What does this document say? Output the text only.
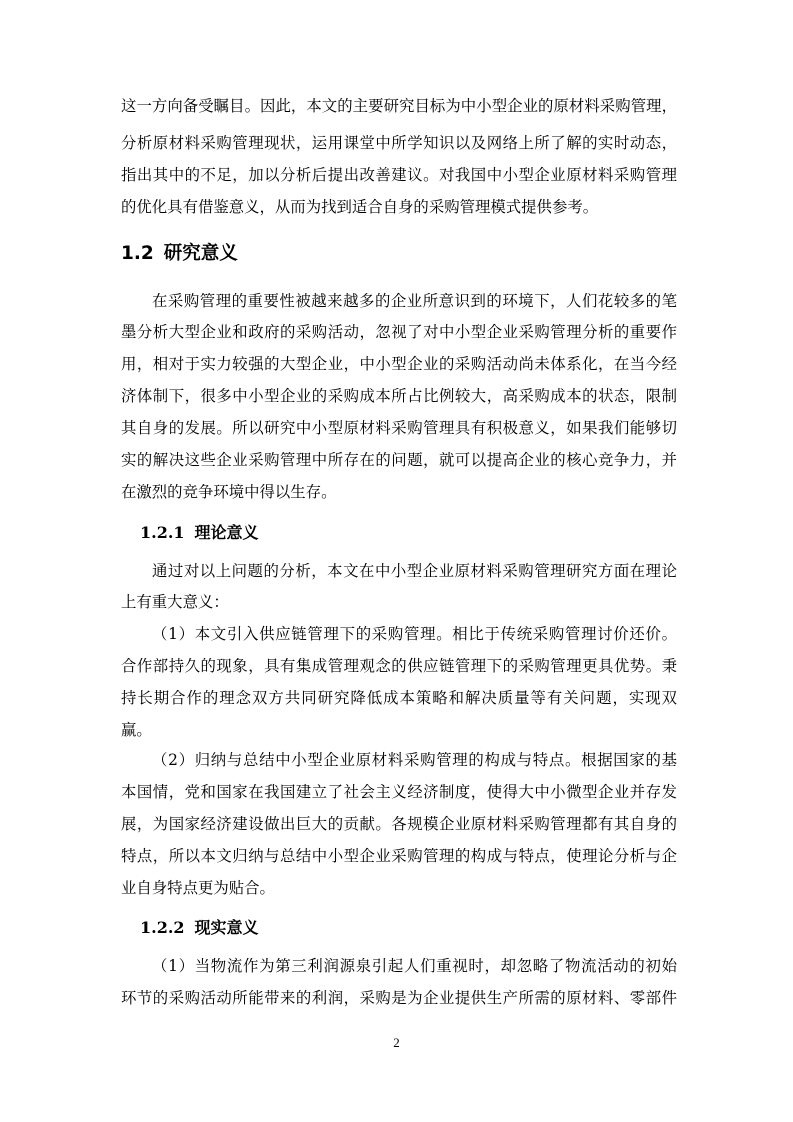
这一方向备受瞩目。因此，本文的主要研究目标为中小型企业的原材料采购管理，
分析原材料采购管理现状，运用课堂中所学知识以及网络上所了解的实时动态，
指出其中的不足，加以分析后提出改善建议。对我国中小型企业原材料采购管理
的优化具有借鉴意义，从而为找到适合自身的采购管理模式提供参考。
1.2 研究意义
在采购管理的重要性被越来越多的企业所意识到的环境下，人们花较多的笔
墨分析大型企业和政府的采购活动，忽视了对中小型企业采购管理分析的重要作
用，相对于实力较强的大型企业，中小型企业的采购活动尚未体系化，在当今经
济体制下，很多中小型企业的采购成本所占比例较大，高采购成本的状态，限制
其自身的发展。所以研究中小型原材料采购管理具有积极意义，如果我们能够切
实的解决这些企业采购管理中所存在的问题，就可以提高企业的核心竞争力，并
在激烈的竞争环境中得以生存。
1.2.1 理论意义
通过对以上问题的分析，本文在中小型企业原材料采购管理研究方面在理论
上有重大意义：
（1）本文引入供应链管理下的采购管理。相比于传统采购管理讨价还价。
合作部持久的现象，具有集成管理观念的供应链管理下的采购管理更具优势。秉
持长期合作的理念双方共同研究降低成本策略和解决质量等有关问题，实现双
赢。
（2）归纳与总结中小型企业原材料采购管理的构成与特点。根据国家的基
本国情，党和国家在我国建立了社会主义经济制度，使得大中小微型企业并存发
展，为国家经济建设做出巨大的贡献。各规模企业原材料采购管理都有其自身的
特点，所以本文归纳与总结中小型企业采购管理的构成与特点，使理论分析与企
业自身特点更为贴合。
1.2.2 现实意义
（1）当物流作为第三利润源泉引起人们重视时，却忽略了物流活动的初始
环节的采购活动所能带来的利润，采购是为企业提供生产所需的原材料、零部件
2
